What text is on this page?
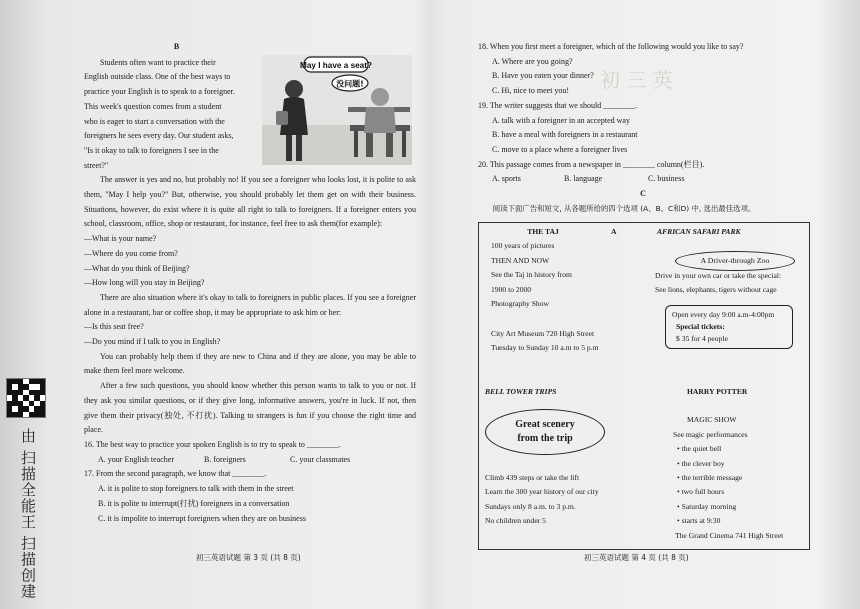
初 三 英
由 扫描全能王 扫描创建
B

Students often want to practice their

English outside class. One of the best ways to

practice your English is to speak to a foreigner.

This week's question comes from a student

who is eager to start a conversation with the

foreigners he sees every day. Our student asks,

"Is it okay to talk to foreigners I see in the

street?"

The answer is yes and no, but probably no! If you see a foreigner who looks lost, it is polite to ask them, "May I help you?" But, otherwise, you should probably let them get on with their business. Situations, however, do exist where it is quite all right to talk to foreigners. If a foreigner enters you school, classroom, office, shop or restaurant, for instance, feel free to ask them(for example):

—What is your name?

—Where do you come from?

—What do you think of Beijing?

—How long will you stay in Beijing?

There are also situation where it's okay to talk to foreigners in public places. If you see a foreigner alone in a restaurant, bar or coffee shop, it may be appropriate to ask him or her:

—Is this seat free?

—Do you mind if I talk to you in English?

You can probably help them if they are new to China and if they are alone, you may be able to make them feel more welcome.

After a few such questions, you should know whether this person wants to talk to you or not. If they ask you similar questions, or if they give long, informative answers, you're in luck. If not, then give them their privacy(独处, 不打扰). Talking to strangers is fun if you choose the right time and place.

16. The best way to practice your spoken English is to try to speak to ________.

A. your English teacher	B. foreigners	C. your classmates

17. From the second paragraph, we know that ________.

A. it is polite to stop foreigners to talk with them in the street

B. it is polite to interrupt(打扰) foreigners in a conversation

C. it is impolite to interrupt foreigners when they are on business

May I have a seat?
没问题!
初三英语试题 第 3 页 (共 8 页)

18. When you first meet a foreigner, which of the following would you like to say?

A. Where are you going?

B. Have you eaten your dinner?

C. Hi, nice to meet you!

19. The writer suggests that we should ________.

A. talk with a foreigner in an accepted way

B. have a meal with foreigners in a restaurant

C. move to a place where a foreigner lives

20. This passage comes from a newspaper in ________ column(栏目).

A. sports	B. language	C. business

C

阅读下面广告和短文, 从各题所给的四个选项 (A、B、C和D) 中, 选出最佳选项。

THE TAJ
100 years of pictures
THEN AND NOW
See the Taj in history from
1900 to 2000
Photography Show
A
City Art Museum 720 High Street
Tuesday to Sunday 10 a.m to 5 p.m
AFRICAN SAFARI PARK
A Driver-through Zoo
Drive in your own car or take the special:
See lions, elephants, tigers without cage
Open every day 9:00 a.m-4:00pm
Special tickets:
$ 35 for 4 people
BELL TOWER TRIPS
Great scenery
from the trip
Climb 439 steps or take the lift
Learn the 300 year history of our city
Sundays only 8 a.m. to 3 p.m.
No children under 5
HARRY POTTER
MAGIC SHOW
See magic performances
• the quiet bell
• the clever boy
• the terrible message
• two full hours
• Saturday morning
• starts at 9:30
The Grand Cinema 741 High Street
初三英语试题 第 4 页 (共 8 页)
